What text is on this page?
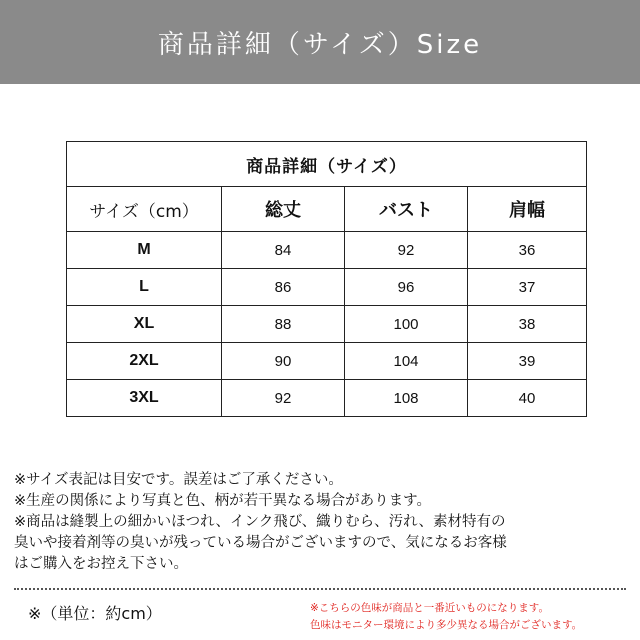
商品詳細（サイズ）Size
商品詳細（サイズ）			
サイズ（cm）	総丈	バスト	肩幅
M	84	92	36
L	86	96	37
XL	88	100	38
2XL	90	104	39
3XL	92	108	40
※サイズ表記は目安です。誤差はご了承ください。
※生産の関係により写真と色、柄が若干異なる場合があります。
※商品は縫製上の細かいほつれ、インク飛び、織りむら、汚れ、素材特有の
臭いや接着剤等の臭いが残っている場合がございますので、気になるお客様
はご購入をお控え下さい。
※（単位：約cm）	※こちらの色味が商品と一番近いものになります。
色味はモニター環境により多少異なる場合がございます。
